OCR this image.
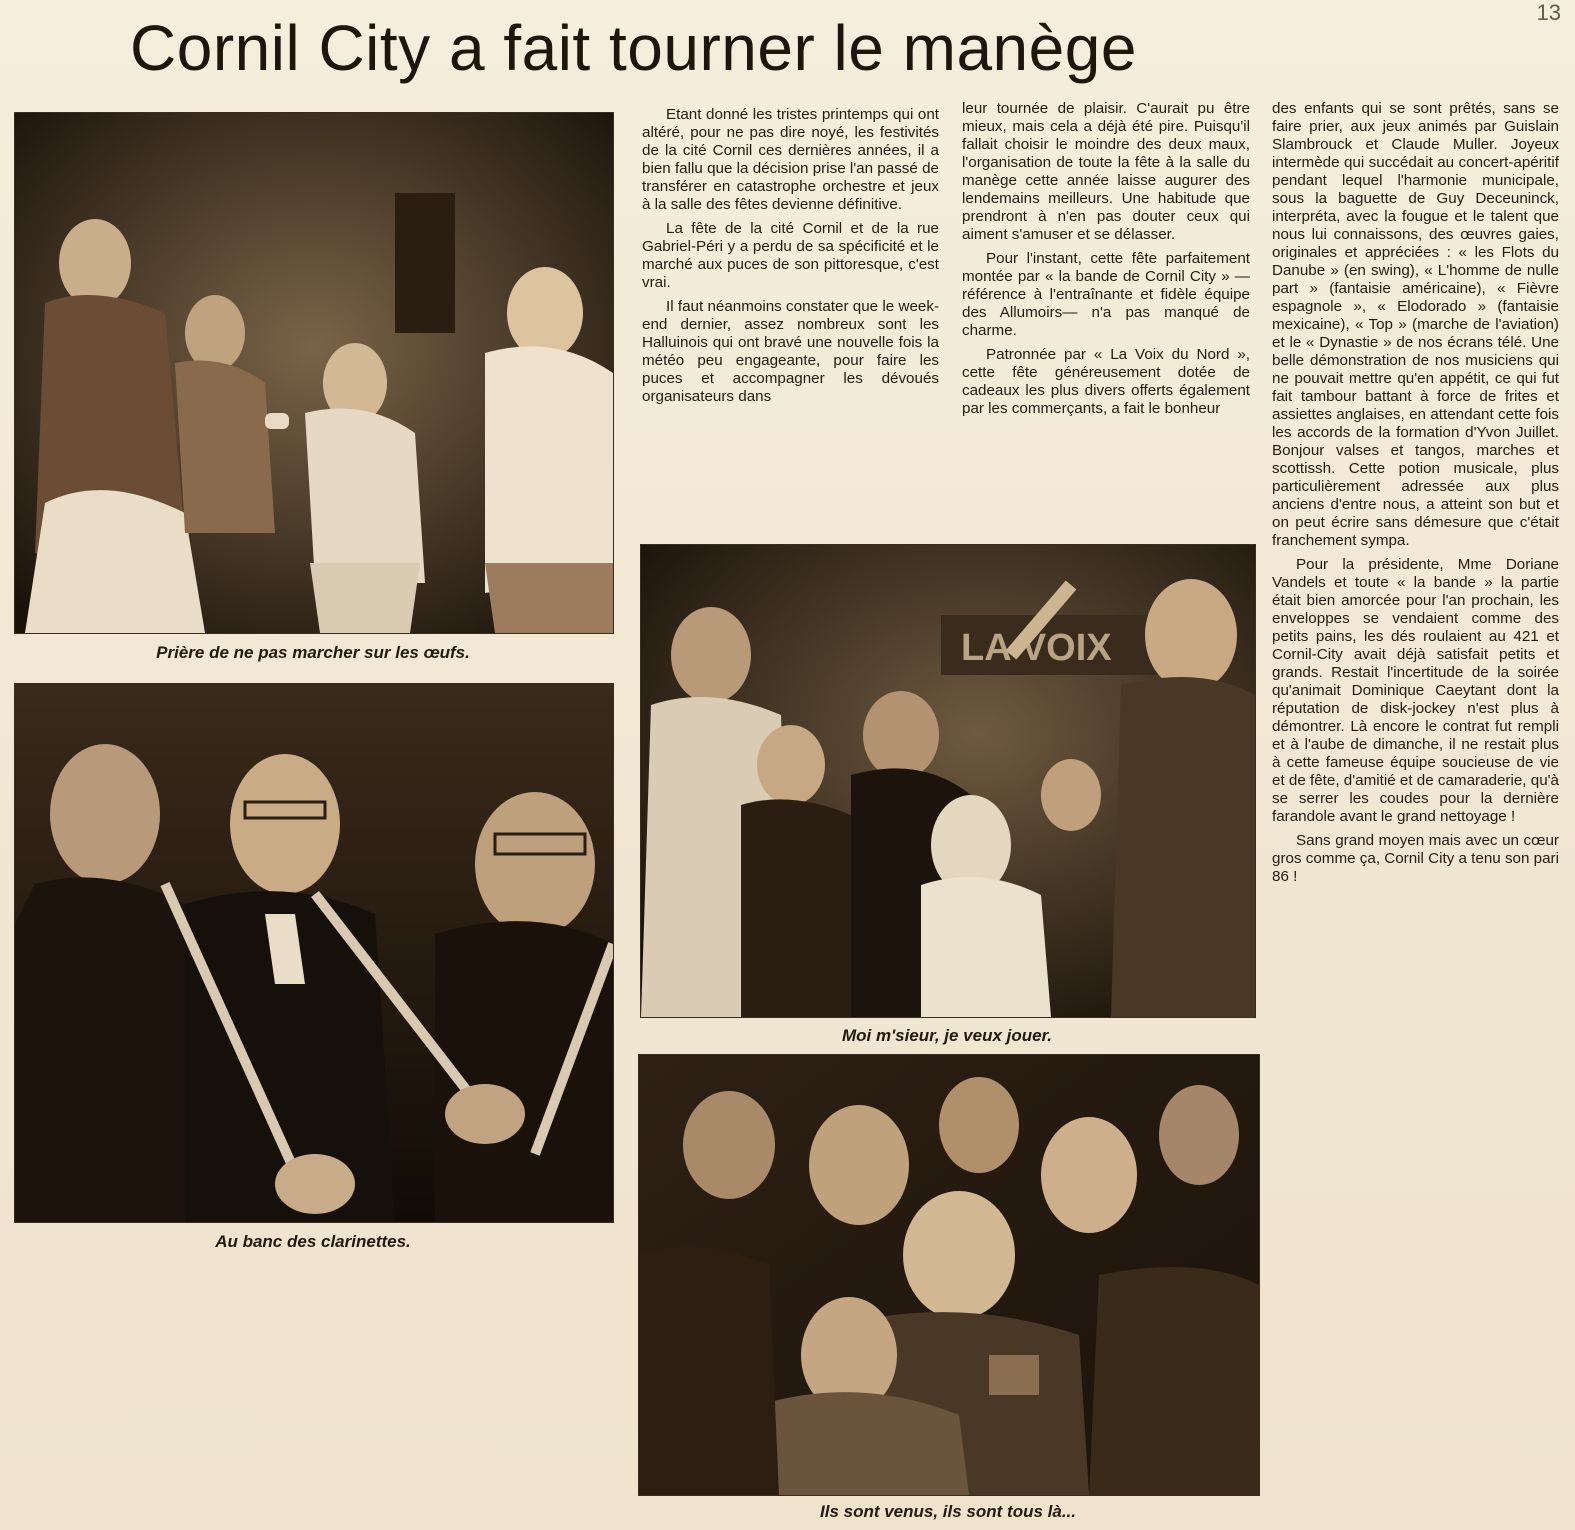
Cornil City a fait tourner le manège	13
Prière de ne pas marcher sur les œufs.
Au banc des clarinettes.

Etant donné les tristes printemps qui ont altéré, pour ne pas dire noyé, les festivités de la cité Cornil ces dernières années, il a bien fallu que la décision prise l'an passé de transférer en catastrophe orchestre et jeux à la salle des fêtes devienne définitive.

La fête de la cité Cornil et de la rue Gabriel-Péri y a perdu de sa spécificité et le marché aux puces de son pittoresque, c'est vrai.

Il faut néanmoins constater que le week-end dernier, assez nombreux sont les Halluinois qui ont bravé une nouvelle fois la météo peu engageante, pour faire les puces et accompagner les dévoués organisateurs dans

leur tournée de plaisir. C'aurait pu être mieux, mais cela a déjà été pire. Puisqu'il fallait choisir le moindre des deux maux, l'organisation de toute la fête à la salle du manège cette année laisse augurer des lendemains meilleurs. Une habitude que prendront à n'en pas douter ceux qui aiment s'amuser et se délasser.

Pour l'instant, cette fête parfaitement montée par « la bande de Cornil City » —référence à l'entraînante et fidèle équipe des Allumoirs— n'a pas manqué de charme.

Patronnée par « La Voix du Nord », cette fête généreusement dotée de cadeaux les plus divers offerts également par les commerçants, a fait le bonheur

LA VOIX
Moi m'sieur, je veux jouer.
Ils sont venus, ils sont tous là...

des enfants qui se sont prêtés, sans se faire prier, aux jeux animés par Guislain Slambrouck et Claude Muller. Joyeux intermède qui succédait au concert-apéritif pendant lequel l'harmonie municipale, sous la baguette de Guy Deceuninck, interpréta, avec la fougue et le talent que nous lui connaissons, des œuvres gaies, originales et appréciées : « les Flots du Danube » (en swing), « L'homme de nulle part » (fantaisie américaine), « Fièvre espagnole », « Elodorado » (fantaisie mexicaine), « Top » (marche de l'aviation) et le « Dynastie » de nos écrans télé. Une belle démonstration de nos musiciens qui ne pouvait mettre qu'en appétit, ce qui fut fait tambour battant à force de frites et assiettes anglaises, en attendant cette fois les accords de la formation d'Yvon Juillet. Bonjour valses et tangos, marches et scottissh. Cette potion musicale, plus particulièrement adressée aux plus anciens d'entre nous, a atteint son but et on peut écrire sans démesure que c'était franchement sympa.

Pour la présidente, Mme Doriane Vandels et toute « la bande » la partie était bien amorcée pour l'an prochain, les enveloppes se vendaient comme des petits pains, les dés roulaient au 421 et Cornil-City avait déjà satisfait petits et grands. Restait l'incertitude de la soirée qu'animait Dominique Caeytant dont la réputation de disk-jockey n'est plus à démontrer. Là encore le contrat fut rempli et à l'aube de dimanche, il ne restait plus à cette fameuse équipe soucieuse de vie et de fête, d'amitié et de camaraderie, qu'à se serrer les coudes pour la dernière farandole avant le grand nettoyage !

Sans grand moyen mais avec un cœur gros comme ça, Cornil City a tenu son pari 86 !
